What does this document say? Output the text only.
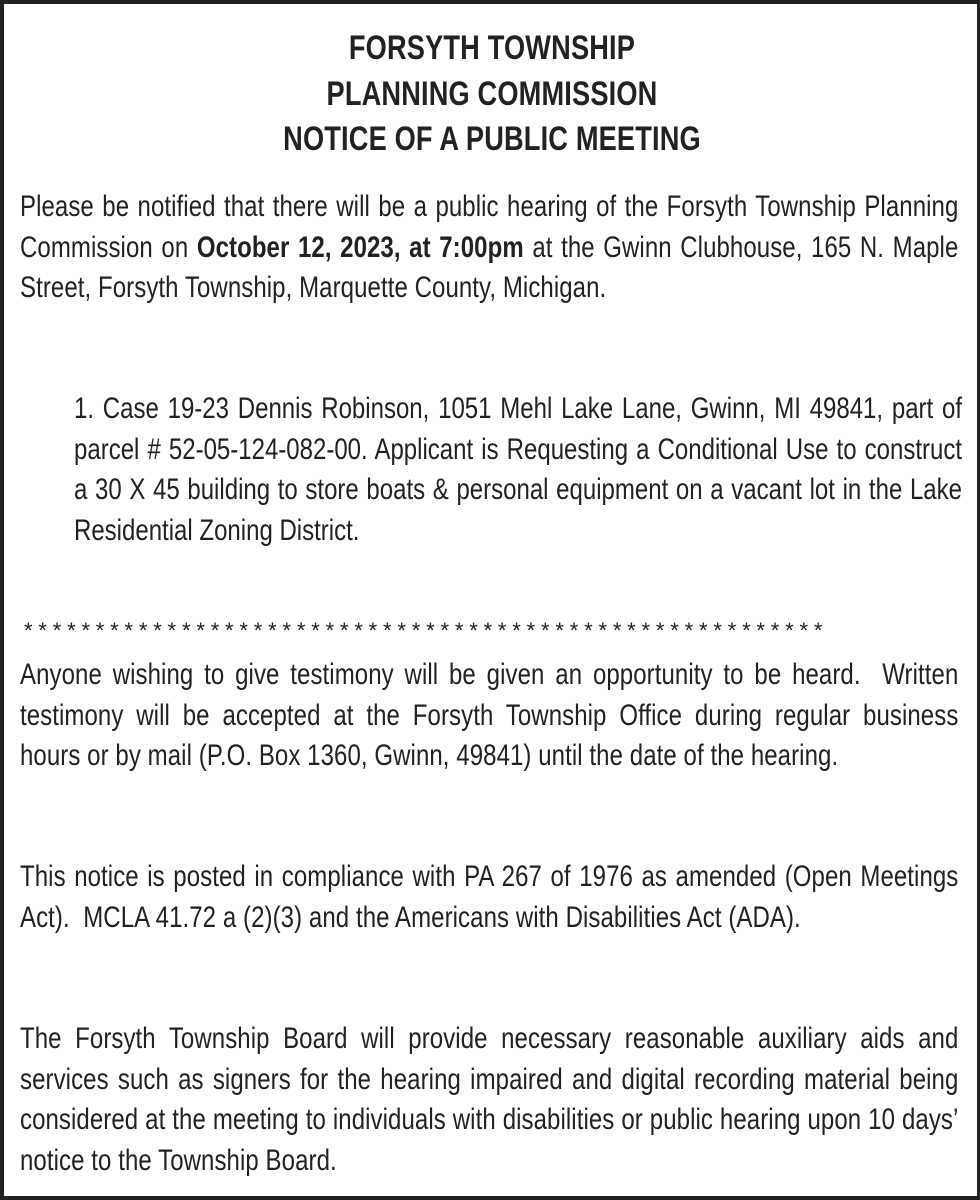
FORSYTH TOWNSHIP
PLANNING COMMISSION
NOTICE OF A PUBLIC MEETING

Please be notified that there will be a public hearing of the Forsyth Township Planning Commission on October 12, 2023, at 7:00pm at the Gwinn Clubhouse, 165 N. Maple Street, Forsyth Township, Marquette County, Michigan.

1. Case 19-23 Dennis Robinson, 1051 Mehl Lake Lane, Gwinn, MI 49841, part of parcel # 52-05-124-082-00. Applicant is Requesting a Conditional Use to construct a 30 X 45 building to store boats & personal equipment on a vacant lot in the Lake Residential Zoning District.

********************************************************

Anyone wishing to give testimony will be given an opportunity to be heard.  Written testimony will be accepted at the Forsyth Township Office during regular business hours or by mail (P.O. Box 1360, Gwinn, 49841) until the date of the hearing.

This notice is posted in compliance with PA 267 of 1976 as amended (Open Meetings Act).  MCLA 41.72 a (2)(3) and the Americans with Disabilities Act (ADA).

The Forsyth Township Board will provide necessary reasonable auxiliary aids and services such as signers for the hearing impaired and digital recording material being considered at the meeting to individuals with disabilities or public hearing upon 10 days’ notice to the Township Board.
